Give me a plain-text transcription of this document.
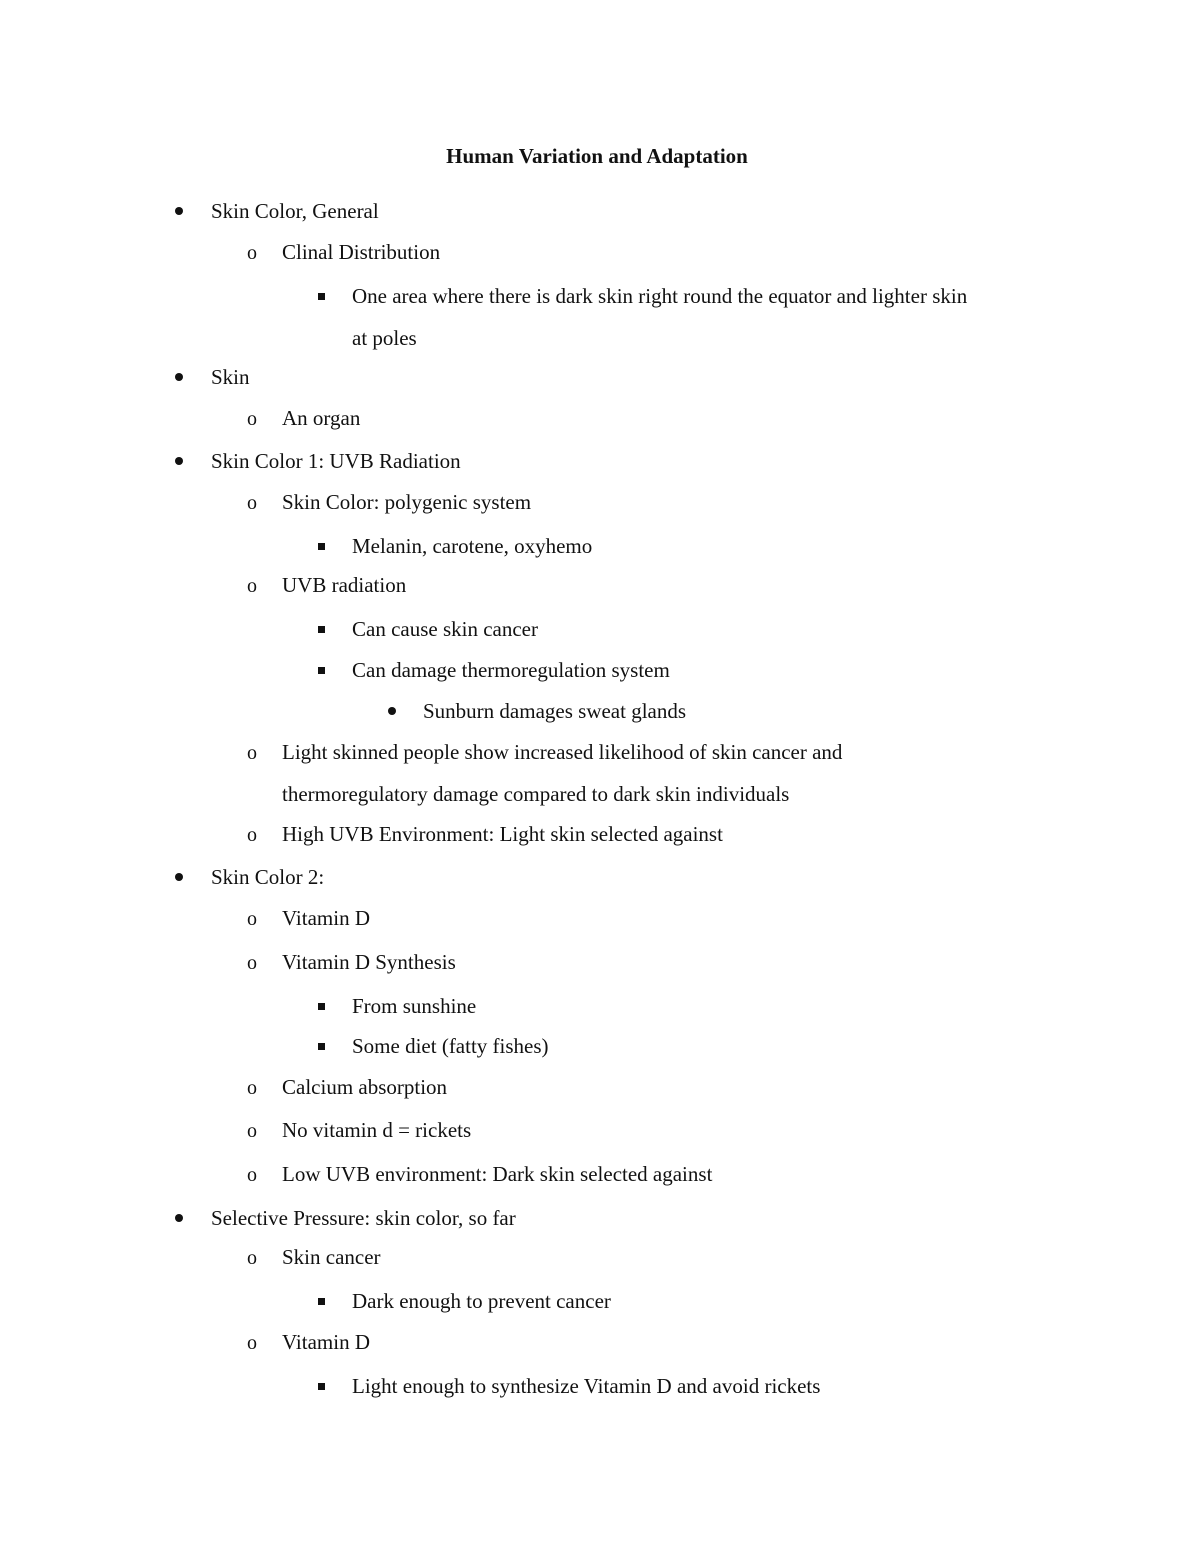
Human Variation and Adaptation
Skin Color, General
o	Clinal Distribution
One area where there is dark skin right round the equator and lighter skin
at poles
Skin
o	An organ
Skin Color 1: UVB Radiation
o	Skin Color: polygenic system
Melanin, carotene, oxyhemo
o	UVB radiation
Can cause skin cancer
Can damage thermoregulation system
Sunburn damages sweat glands
o	Light skinned people show increased likelihood of skin cancer and
thermoregulatory damage compared to dark skin individuals
o	High UVB Environment: Light skin selected against
Skin Color 2:
o	Vitamin D
o	Vitamin D Synthesis
From sunshine
Some diet (fatty fishes)
o	Calcium absorption
o	No vitamin d = rickets
o	Low UVB environment: Dark skin selected against
Selective Pressure: skin color, so far
o	Skin cancer
Dark enough to prevent cancer
o	Vitamin D
Light enough to synthesize Vitamin D and avoid rickets
